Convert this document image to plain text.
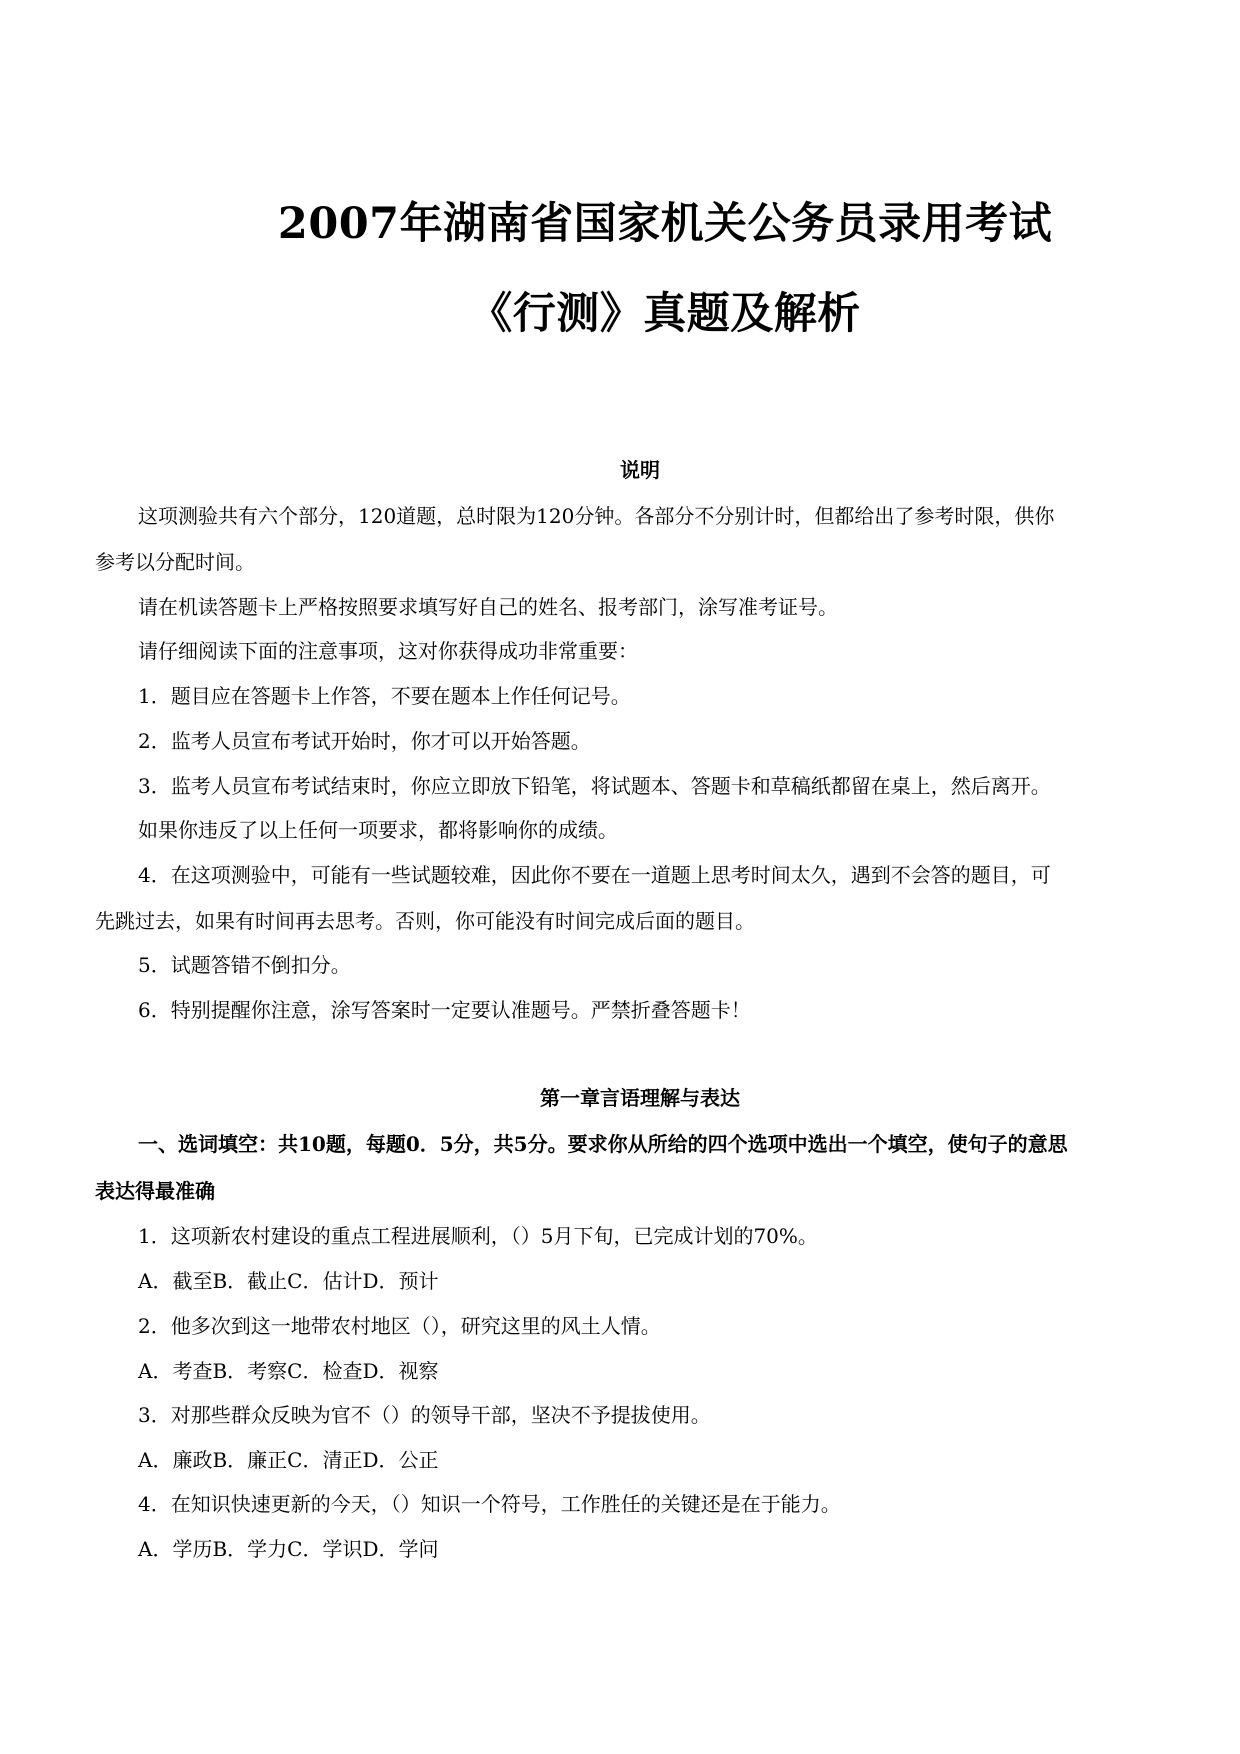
2007年湖南省国家机关公务员录用考试
《行测》真题及解析
说明
这项测验共有六个部分，120道题，总时限为120分钟。各部分不分别计时，但都给出了参考时限，供你
参考以分配时间。
请在机读答题卡上严格按照要求填写好自己的姓名、报考部门，涂写准考证号。
请仔细阅读下面的注意事项，这对你获得成功非常重要：
1．题目应在答题卡上作答，不要在题本上作任何记号。
2．监考人员宣布考试开始时，你才可以开始答题。
3．监考人员宣布考试结束时，你应立即放下铅笔，将试题本、答题卡和草稿纸都留在桌上，然后离开。
如果你违反了以上任何一项要求，都将影响你的成绩。
4．在这项测验中，可能有一些试题较难，因此你不要在一道题上思考时间太久，遇到不会答的题目，可
先跳过去，如果有时间再去思考。否则，你可能没有时间完成后面的题目。
5．试题答错不倒扣分。
6．特别提醒你注意，涂写答案时一定要认准题号。严禁折叠答题卡！
第一章言语理解与表达
一、选词填空：共10题，每题0．5分，共5分。要求你从所给的四个选项中选出一个填空，使句子的意思
表达得最准确
1．这项新农村建设的重点工程进展顺利，（）5月下旬，已完成计划的70%。
A．截至B．截止C．估计D．预计
2．他多次到这一地带农村地区（），研究这里的风土人情。
A．考查B．考察C．检查D．视察
3．对那些群众反映为官不（）的领导干部，坚决不予提拔使用。
A．廉政B．廉正C．清正D．公正
4．在知识快速更新的今天，（）知识一个符号，工作胜任的关键还是在于能力。
A．学历B．学力C．学识D．学问
